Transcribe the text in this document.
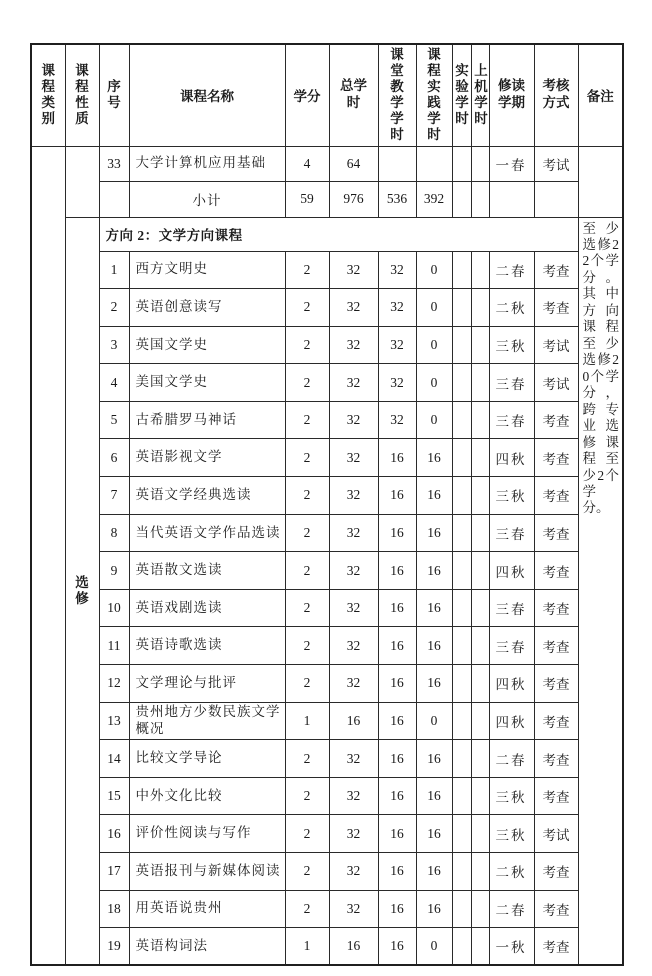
课程类别	课程性质	序号	课程名称	学分	总学时	课堂教学学时	课程实践学时	实验学时	上机学时	修读学期	考核方式	备注
		33	大学计算机应用基础	4	64					一春	考试	
			小计	59	976	536	392					
	选修	方向 2：文学方向课程										至少选修22个学分。其中方向课程至少选修20个学分，跨专业选修课程至少2个学分。
		1	西方文明史	2	32	32	0			二春	考查	
		2	英语创意读写	2	32	32	0			二秋	考查	
		3	英国文学史	2	32	32	0			三秋	考试	
		4	美国文学史	2	32	32	0			三春	考试	
		5	古希腊罗马神话	2	32	32	0			三春	考查	
		6	英语影视文学	2	32	16	16			四秋	考查	
		7	英语文学经典选读	2	32	16	16			三秋	考查	
		8	当代英语文学作品选读	2	32	16	16			三春	考查	
		9	英语散文选读	2	32	16	16			四秋	考查	
		10	英语戏剧选读	2	32	16	16			三春	考查	
		11	英语诗歌选读	2	32	16	16			三春	考查	
		12	文学理论与批评	2	32	16	16			四秋	考查	
		13	贵州地方少数民族文学概况	1	16	16	0			四秋	考查	
		14	比较文学导论	2	32	16	16			二春	考查	
		15	中外文化比较	2	32	16	16			三秋	考查	
		16	评价性阅读与写作	2	32	16	16			三秋	考试	
		17	英语报刊与新媒体阅读	2	32	16	16			二秋	考查	
		18	用英语说贵州	2	32	16	16			二春	考查	
		19	英语构词法	1	16	16	0			一秋	考查	
